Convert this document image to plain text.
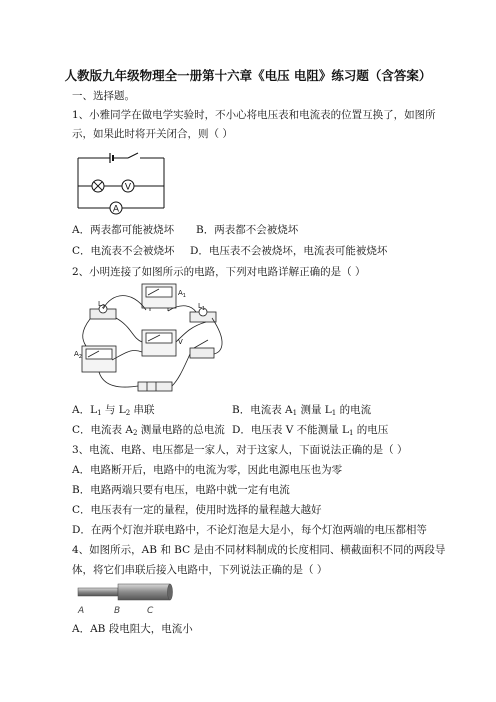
人教版九年级物理全一册第十六章《电压 电阻》练习题（含答案）
一、选择题。
1、小雅同学在做电学实验时，不小心将电压表和电流表的位置互换了，如图所
示，如果此时将开关闭合，则（ ）
V
A
A．两表都可能被烧坏 B．两表都不会被烧坏
C．电流表不会被烧坏 D．电压表不会被烧坏，电流表可能被烧坏
2、小明连接了如图所示的电路，下列对电路详解正确的是（ ）
$A_1$
$L_1$
$L_2$
V
$A_2$
A．$L_1$ 与 $L_2$ 串联	B．电流表 $A_1$ 测量 $L_1$ 的电流
C．电流表 $A_2$ 测量电路的总电流 D．电压表 V 不能测量 $L_1$ 的电压
3、电流、电路、电压都是一家人，对于这家人，下面说法正确的是（ ）
A．电路断开后，电路中的电流为零，因此电源电压也为零
B．电路两端只要有电压，电路中就一定有电流
C．电压表有一定的量程，使用时选择的量程越大越好
D．在两个灯泡并联电路中，不论灯泡是大是小，每个灯泡两端的电压都相等
4、如图所示，AB 和 BC 是由不同材料制成的长度相同、横截面积不同的两段导
体，将它们串联后接入电路中，下列说法正确的是（ ）
A	B	C
A．AB 段电阻大，电流小
